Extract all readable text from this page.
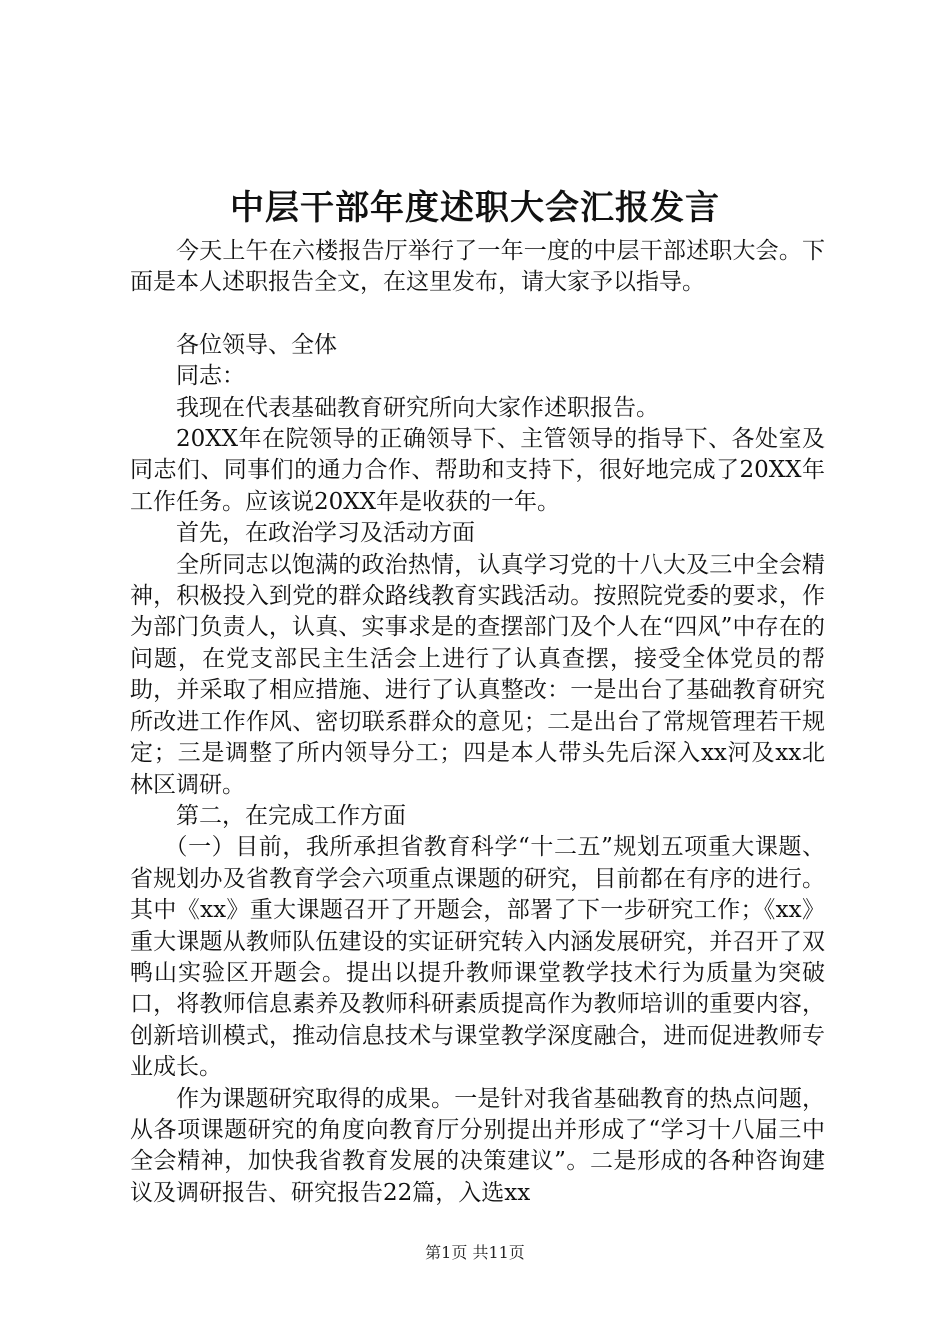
中层干部年度述职大会汇报发言

今天上午在六楼报告厅举行了一年一度的中层干部述职大会。下面是本人述职报告全文，在这里发布，请大家予以指导。

各位领导、全体

同志：

我现在代表基础教育研究所向大家作述职报告。

20XX年在院领导的正确领导下、主管领导的指导下、各处室及同志们、同事们的通力合作、帮助和支持下，很好地完成了20XX年工作任务。应该说20XX年是收获的一年。

首先，在政治学习及活动方面

全所同志以饱满的政治热情，认真学习党的十八大及三中全会精神，积极投入到党的群众路线教育实践活动。按照院党委的要求，作为部门负责人，认真、实事求是的查摆部门及个人在“四风”中存在的问题，在党支部民主生活会上进行了认真查摆，接受全体党员的帮助，并采取了相应措施、进行了认真整改：一是出台了基础教育研究所改进工作作风、密切联系群众的意见；二是出台了常规管理若干规定；三是调整了所内领导分工；四是本人带头先后深入xx河及xx北林区调研。

第二，在完成工作方面

（一）目前，我所承担省教育科学“十二五”规划五项重大课题、省规划办及省教育学会六项重点课题的研究，目前都在有序的进行。其中《xx》重大课题召开了开题会，部署了下一步研究工作；《xx》重大课题从教师队伍建设的实证研究转入内涵发展研究，并召开了双鸭山实验区开题会。提出以提升教师课堂教学技术行为质量为突破口，将教师信息素养及教师科研素质提高作为教师培训的重要内容，创新培训模式，推动信息技术与课堂教学深度融合，进而促进教师专业成长。

作为课题研究取得的成果。一是针对我省基础教育的热点问题，从各项课题研究的角度向教育厅分别提出并形成了“学习十八届三中全会精神，加快我省教育发展的决策建议”。二是形成的各种咨询建议及调研报告、研究报告22篇，入选xx

第1页 共11页
